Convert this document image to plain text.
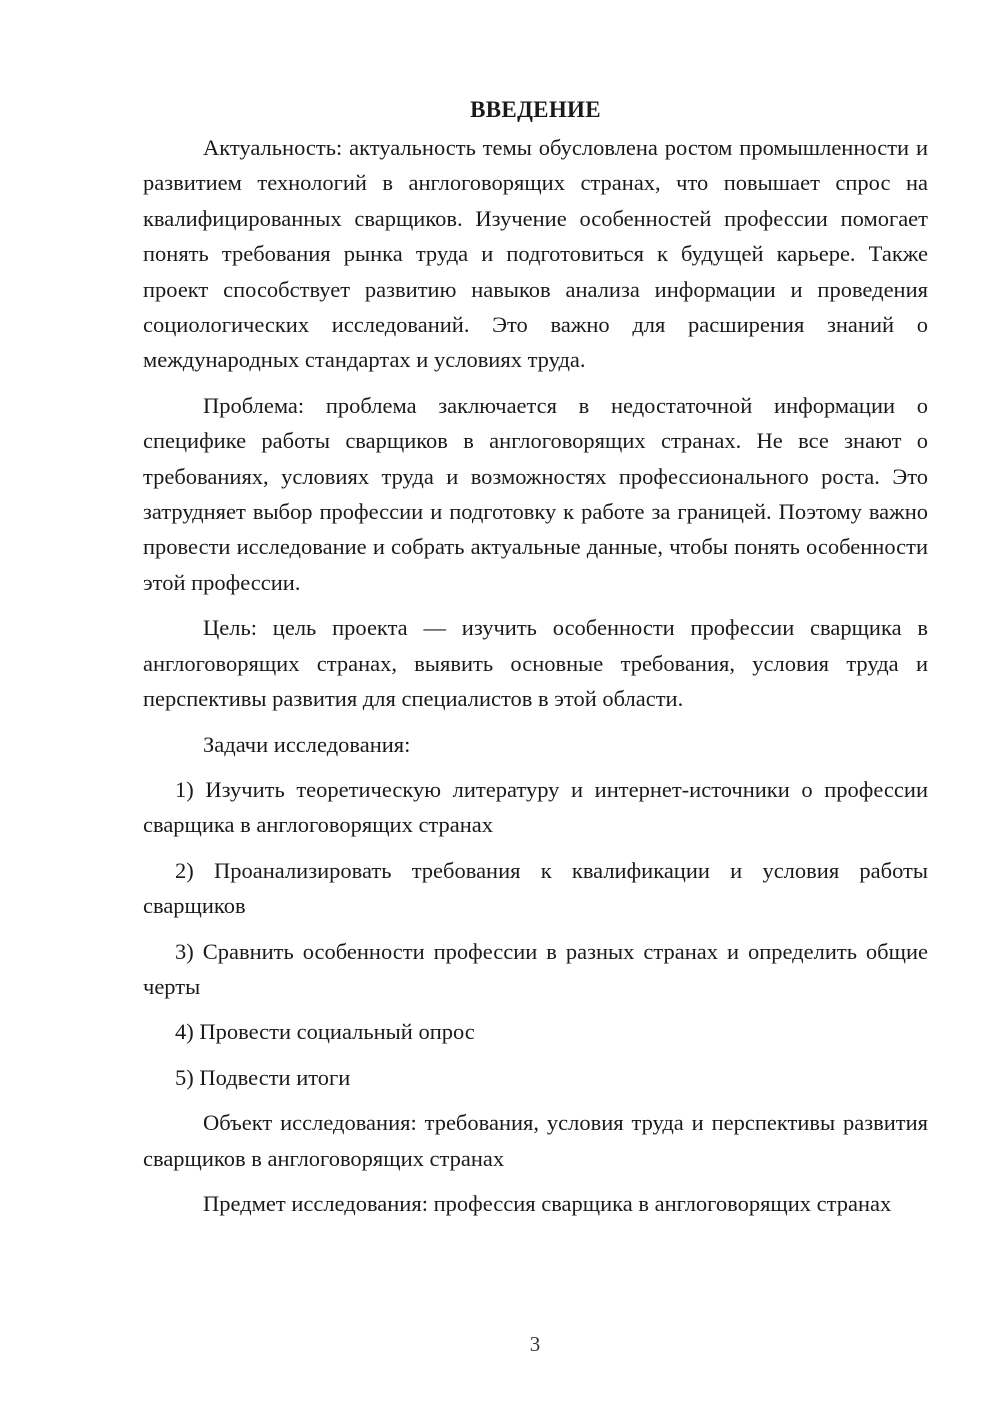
ВВЕДЕНИЕ

Актуальность: актуальность темы обусловлена ростом промышленности и развитием технологий в англоговорящих странах, что повышает спрос на квалифицированных сварщиков. Изучение особенностей профессии помогает понять требования рынка труда и подготовиться к будущей карьере. Также проект способствует развитию навыков анализа информации и проведения социологических исследований. Это важно для расширения знаний о международных стандартах и условиях труда.

Проблема: проблема заключается в недостаточной информации о специфике работы сварщиков в англоговорящих странах. Не все знают о требованиях, условиях труда и возможностях профессионального роста. Это затрудняет выбор профессии и подготовку к работе за границей. Поэтому важно провести исследование и собрать актуальные данные, чтобы понять особенности этой профессии.

Цель: цель проекта — изучить особенности профессии сварщика в англоговорящих странах, выявить основные требования, условия труда и перспективы развития для специалистов в этой области.

Задачи исследования:

1) Изучить теоретическую литературу и интернет-источники о профессии сварщика в англоговорящих странах

2) Проанализировать требования к квалификации и условия работы сварщиков

3) Сравнить особенности профессии в разных странах и определить общие черты

4) Провести социальный опрос

5) Подвести итоги

Объект исследования: требования, условия труда и перспективы развития сварщиков в англоговорящих странах

Предмет исследования: профессия сварщика в англоговорящих странах

3
